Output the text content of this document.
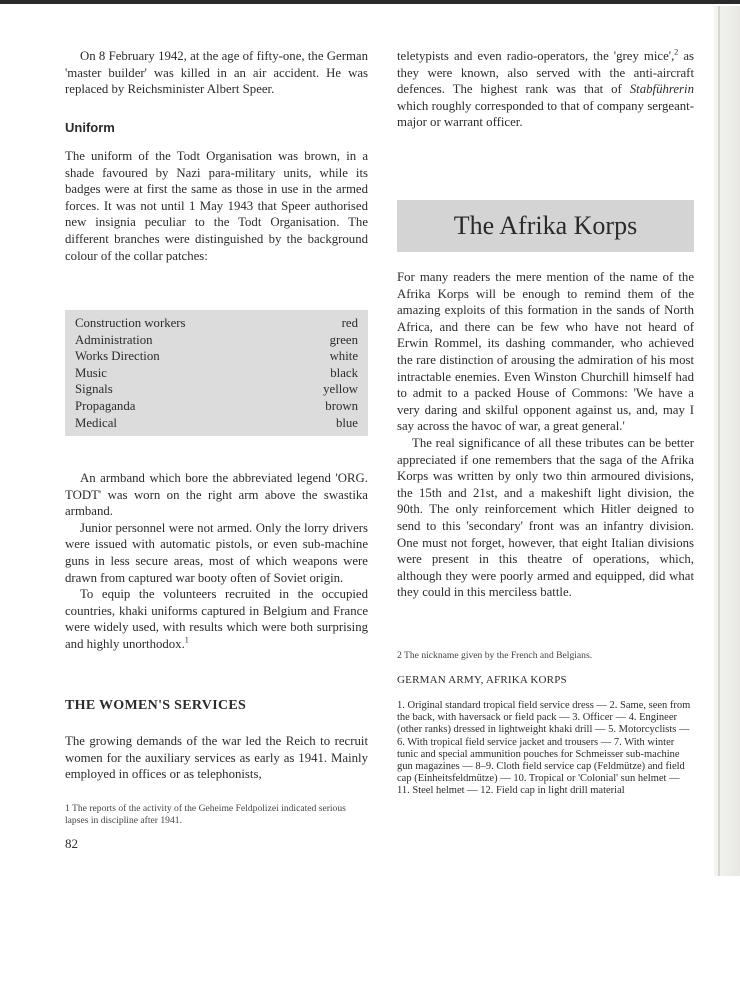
On 8 February 1942, at the age of fifty-one, the German 'master builder' was killed in an air accident. He was replaced by Reichsminister Albert Speer.

Uniform

The uniform of the Todt Organisation was brown, in a shade favoured by Nazi para-military units, while its badges were at first the same as those in use in the armed forces. It was not until 1 May 1943 that Speer authorised new insignia peculiar to the Todt Organisation. The different branches were distinguished by the background colour of the collar patches:

Construction workers	red
Administration	green
Works Direction	white
Music	black
Signals	yellow
Propaganda	brown
Medical	blue

An armband which bore the abbreviated legend 'ORG. TODT' was worn on the right arm above the swastika armband.

Junior personnel were not armed. Only the lorry drivers were issued with automatic pistols, or even sub-machine guns in less secure areas, most of which weapons were drawn from captured war booty often of Soviet origin.

To equip the volunteers recruited in the occupied countries, khaki uniforms captured in Belgium and France were widely used, with results which were both surprising and highly unorthodox.$^1$

THE WOMEN'S SERVICES

The growing demands of the war led the Reich to recruit women for the auxiliary services as early as 1941. Mainly employed in offices or as telephonists,

1 The reports of the activity of the Geheime Feldpolizei indicated serious lapses in discipline after 1941.
82

teletypists and even radio-operators, the 'grey mice',$^2$ as they were known, also served with the anti-aircraft defences. The highest rank was that of Stabführerin which roughly corresponded to that of company sergeant-major or warrant officer.

The Afrika Korps

For many readers the mere mention of the name of the Afrika Korps will be enough to remind them of the amazing exploits of this formation in the sands of North Africa, and there can be few who have not heard of Erwin Rommel, its dashing commander, who achieved the rare distinction of arousing the admiration of his most intractable enemies. Even Winston Churchill himself had to admit to a packed House of Commons: 'We have a very daring and skilful opponent against us, and, may I say across the havoc of war, a great general.'

The real significance of all these tributes can be better appreciated if one remembers that the saga of the Afrika Korps was written by only two thin armoured divisions, the 15th and 21st, and a makeshift light division, the 90th. The only reinforcement which Hitler deigned to send to this 'secondary' front was an infantry division. One must not forget, however, that eight Italian divisions were present in this theatre of operations, which, although they were poorly armed and equipped, did what they could in this merciless battle.

2 The nickname given by the French and Belgians.
GERMAN ARMY, AFRIKA KORPS
1. Original standard tropical field service dress — 2. Same, seen from the back, with haversack or field pack — 3. Officer — 4. Engineer (other ranks) dressed in lightweight khaki drill — 5. Motorcyclists — 6. With tropical field service jacket and trousers — 7. With winter tunic and special ammunition pouches for Schmeisser sub-machine gun magazines — 8–9. Cloth field service cap (Feldmütze) and field cap (Einheitsfeldmütze) — 10. Tropical or 'Colonial' sun helmet — 11. Steel helmet — 12. Field cap in light drill material
